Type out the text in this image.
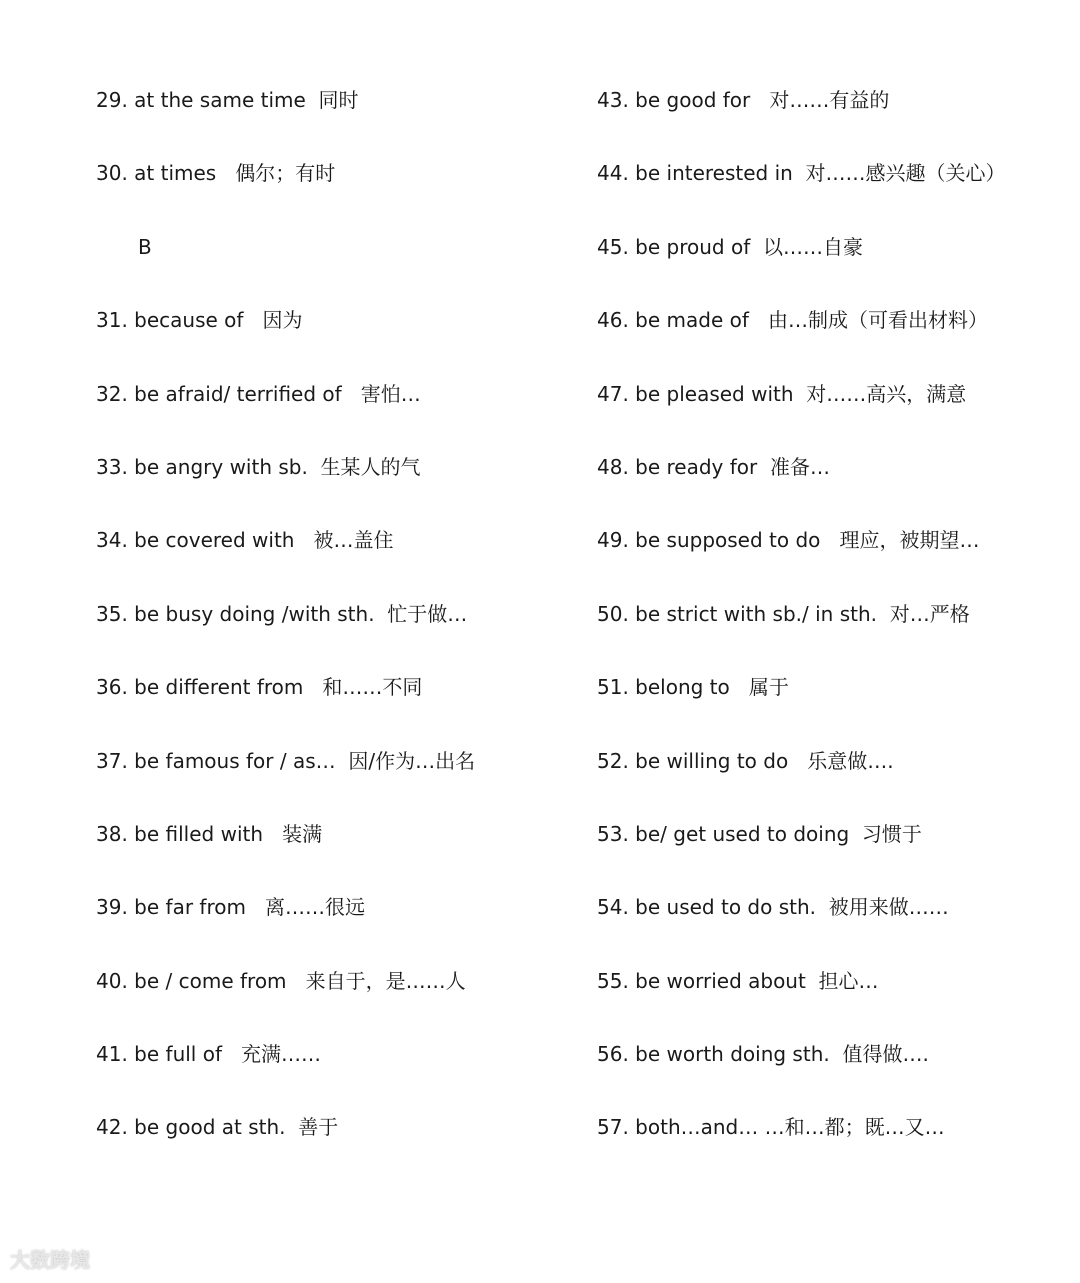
29. at the same time  同时
30. at times   偶尔；有时
B
31. because of   因为
32. be afraid/ terrified of   害怕…
33. be angry with sb.  生某人的气
34. be covered with   被…盖住
35. be busy doing /with sth.  忙于做…
36. be different from   和……不同
37. be famous for / as…  因/作为…出名
38. be filled with   装满
39. be far from   离……很远
40. be / come from   来自于，是……人
41. be full of   充满……
42. be good at sth.  善于
43. be good for   对……有益的
44. be interested in  对……感兴趣（关心）
45. be proud of  以……自豪
46. be made of   由…制成（可看出材料）
47. be pleased with  对……高兴，满意
48. be ready for  准备…
49. be supposed to do   理应，被期望…
50. be strict with sb./ in sth.  对…严格
51. belong to   属于
52. be willing to do   乐意做….
53. be/ get used to doing  习惯于
54. be used to do sth.  被用来做……
55. be worried about  担心…
56. be worth doing sth.  值得做….
57. both…and… …和…都；既…又…
大数跨境
